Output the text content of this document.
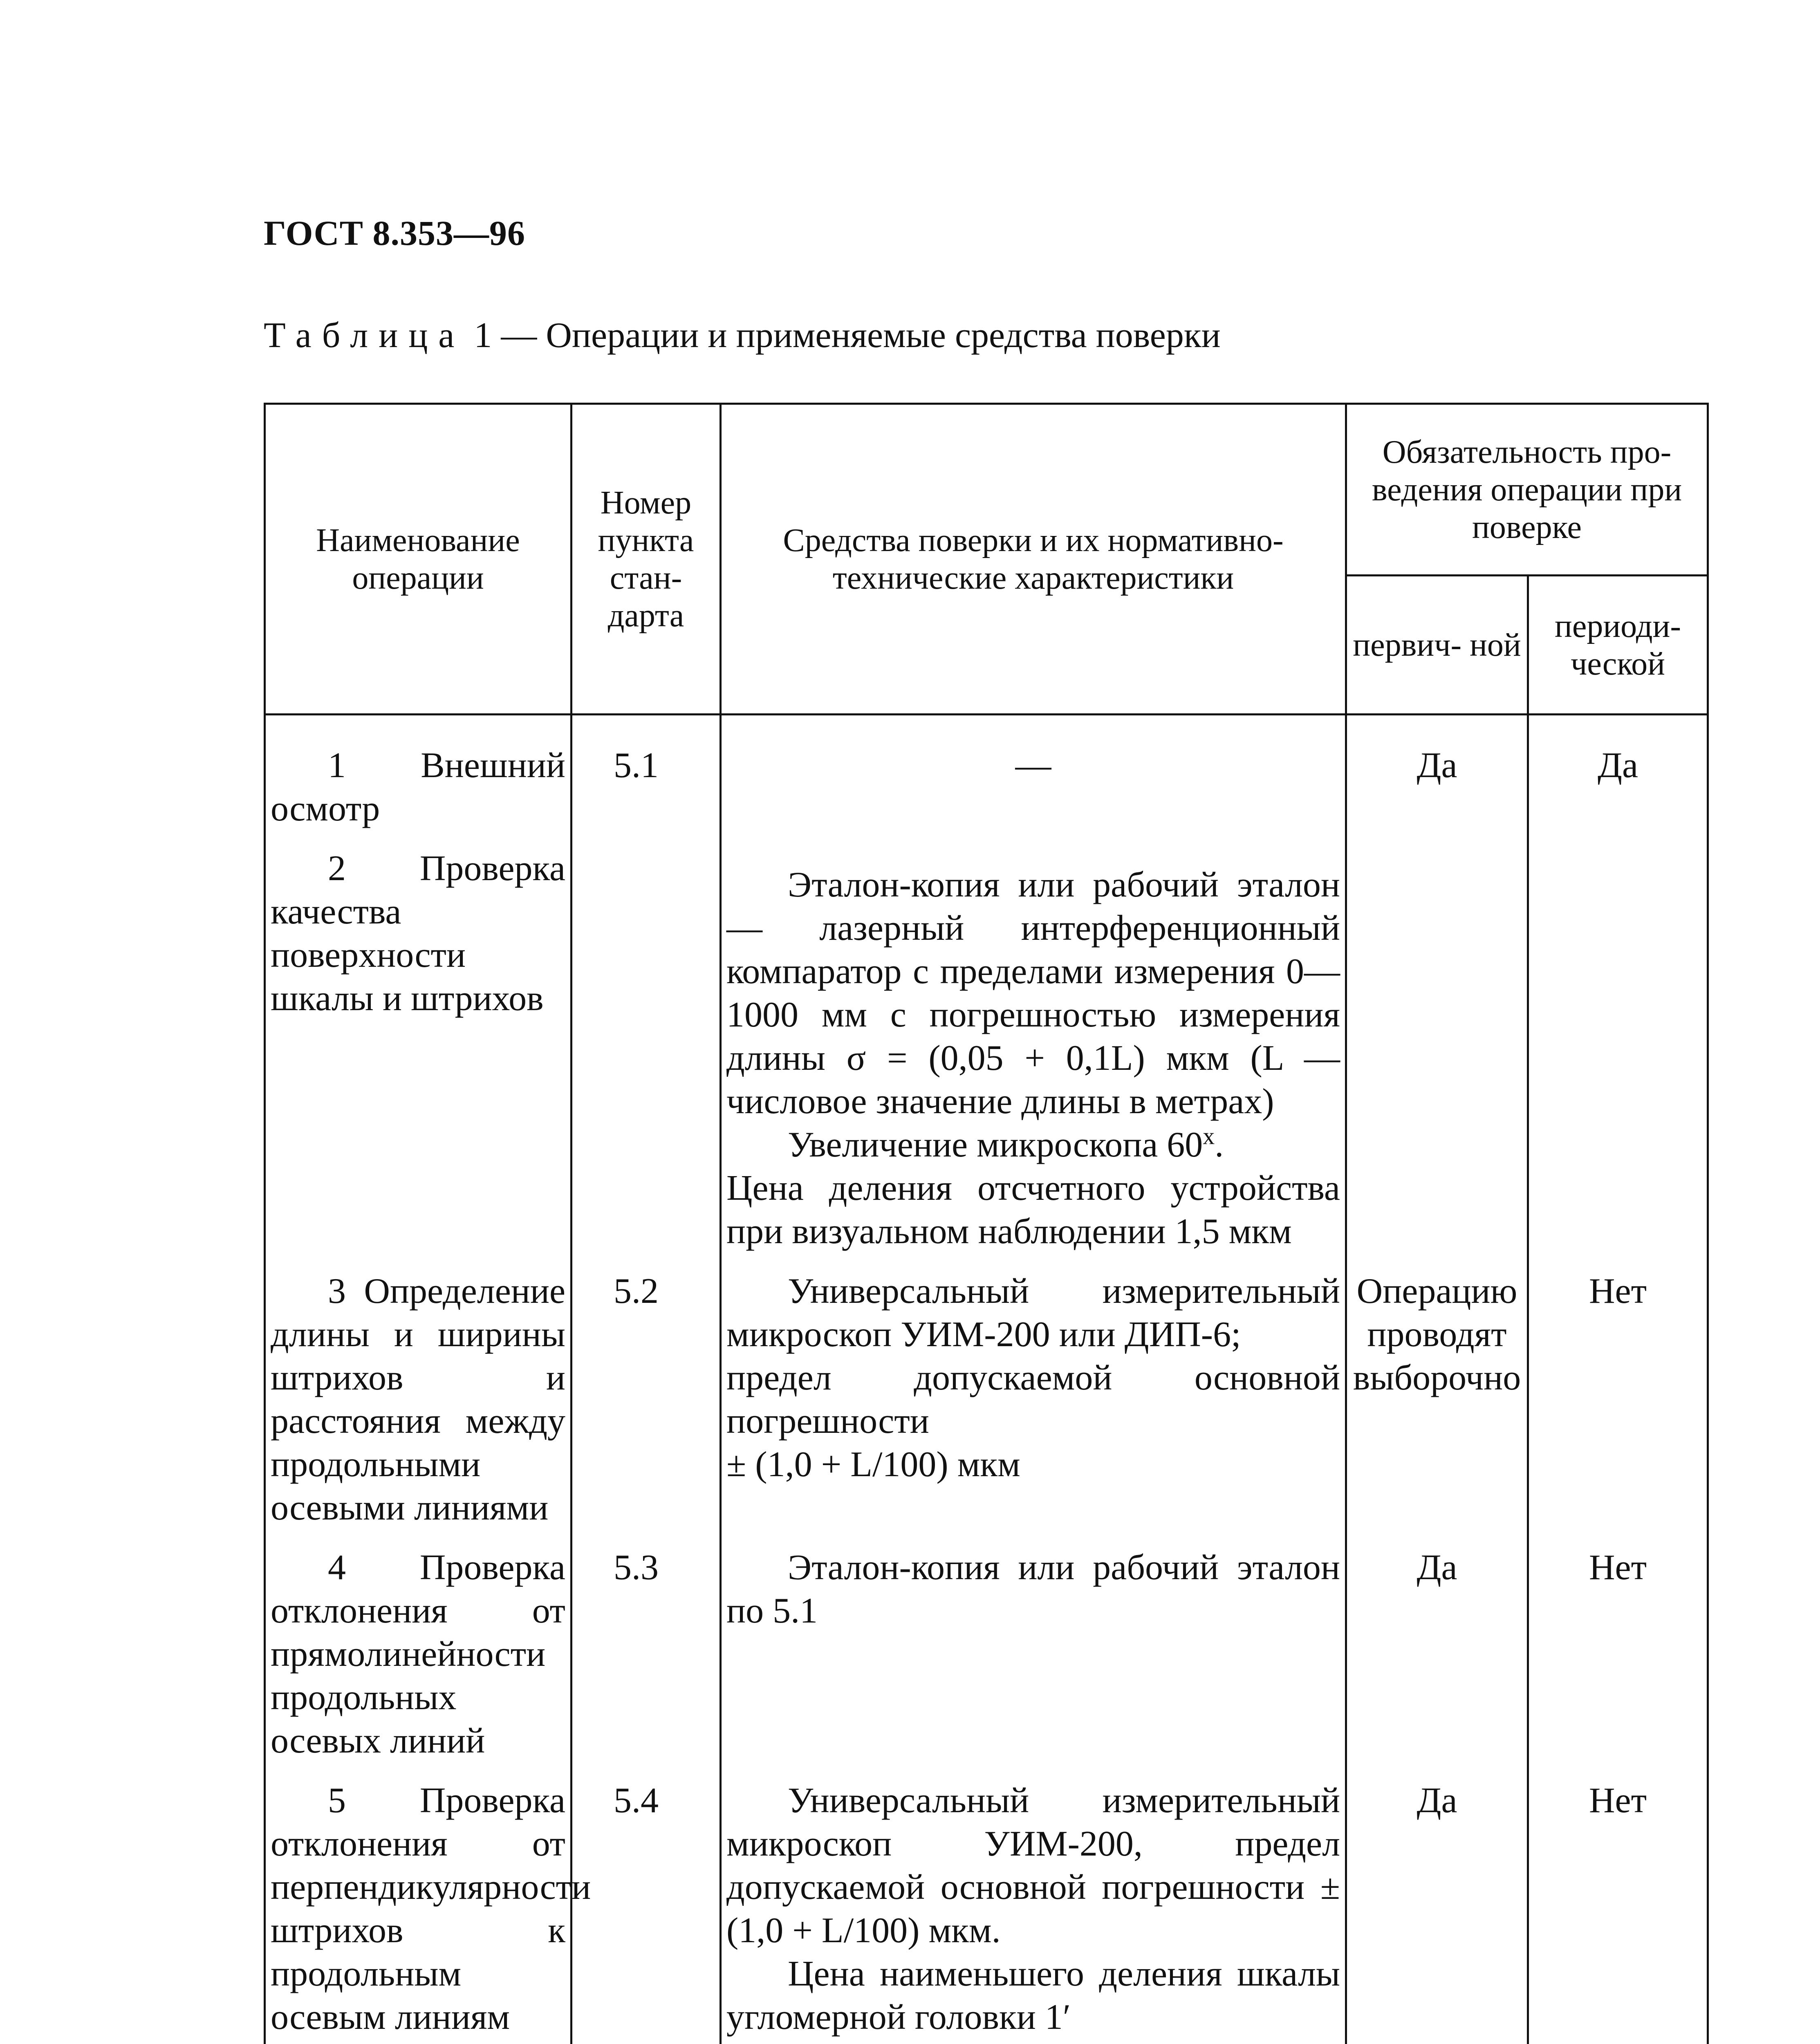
ГОСТ 8.353—96
Таблица 1 — Операции и применяемые средства поверки
Наименование операции	Номер пункта стан- дарта	Средства поверки и их нормативно- технические характеристики	Обязательность про- ведения операции при поверке	
			первич- ной	периоди- ческой
1 Внешний осмотр	5.1	—	Да	Да
2 Проверка качества поверхности шкалы и штрихов		Эталон-копия или рабочий эталон — лазерный интерференционный компаратор с пределами измерения 0—1000 мм с погрешностью измерения длины σ = (0,05 + 0,1L) мкм (L — числовое значение длины в метрах)

Увеличение микроскопа $60^х$.

Цена деления отсчетного устройства при визуальном наблюдении 1,5 мкм		

3 Определение длины и ширины штрихов и расстояния между продольными осевыми линиями	5.2	Универсальный измерительный микроскоп УИМ-200 или ДИП-6;

предел допускаемой основной погрешности

± (1,0 + L/100) мкм	Операцию проводят выборочно	Нет
4 Проверка отклонения от прямолинейности продольных осевых линий	5.3	Эталон-копия или рабочий эталон по 5.1	Да	Нет
5 Проверка отклонения от перпендикулярности штрихов к продольным осевым линиям	5.4	Универсальный измерительный микроскоп УИМ-200, предел допускаемой основной погрешности ± (1,0 + L/100) мкм.

Цена наименьшего деления шкалы угломерной головки 1′	Да	Нет
